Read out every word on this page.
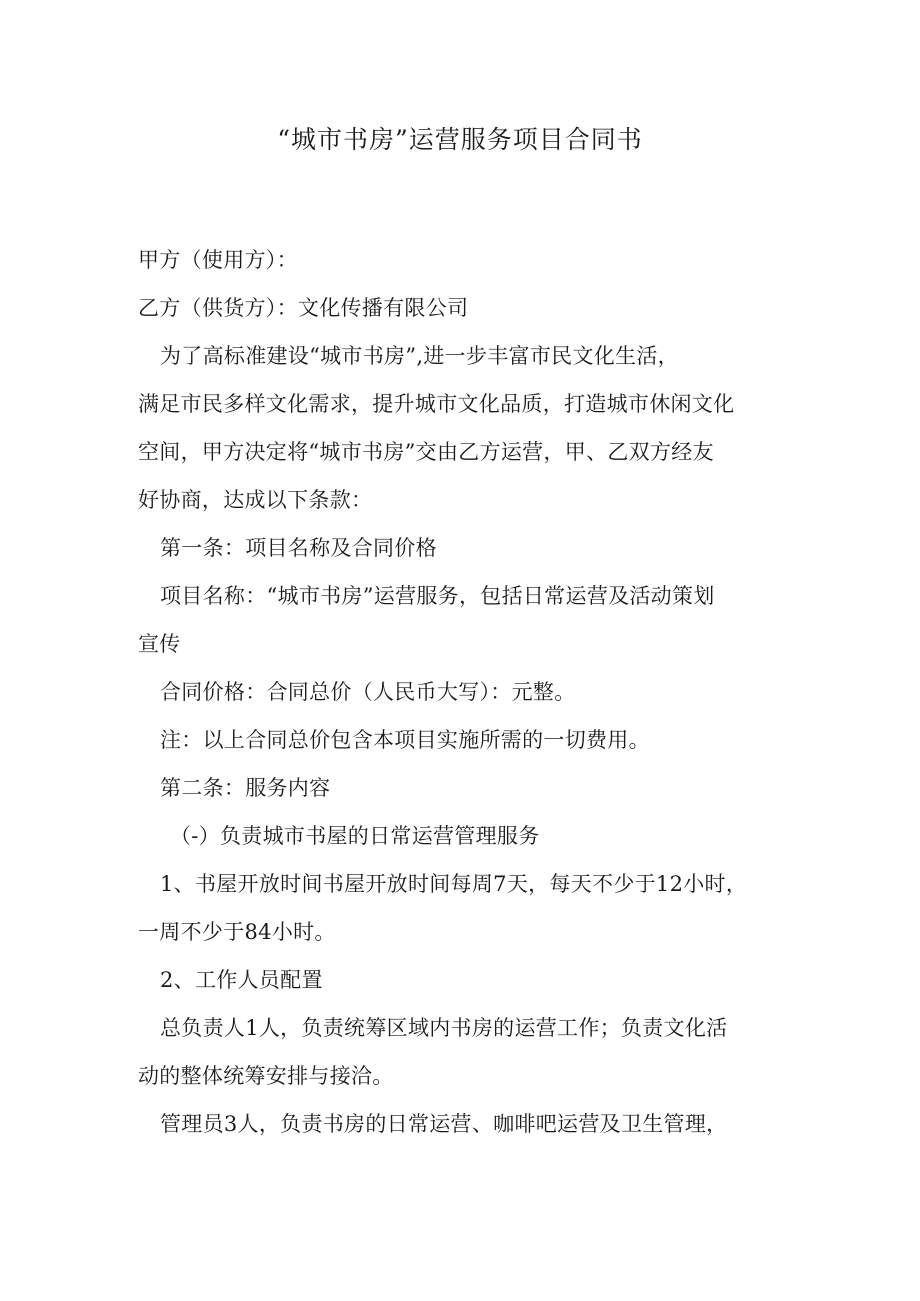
“城市书房”运营服务项目合同书
甲方（使用方）：
乙方（供货方）：文化传播有限公司
为了高标准建设“城市书房”,进一步丰富市民文化生活，
满足市民多样文化需求，提升城市文化品质，打造城市休闲文化
空间，甲方决定将“城市书房”交由乙方运营，甲、乙双方经友
好协商，达成以下条款：
第一条：项目名称及合同价格
项目名称：“城市书房”运营服务，包括日常运营及活动策划
宣传
合同价格：合同总价（人民币大写）：元整。
注：以上合同总价包含本项目实施所需的一切费用。
第二条：服务内容
（-）负责城市书屋的日常运营管理服务
1、书屋开放时间书屋开放时间每周7天，每天不少于12小时，
一周不少于84小时。
2、工作人员配置
总负责人1人，负责统筹区域内书房的运营工作；负责文化活
动的整体统筹安排与接洽。
管理员3人，负责书房的日常运营、咖啡吧运营及卫生管理，
